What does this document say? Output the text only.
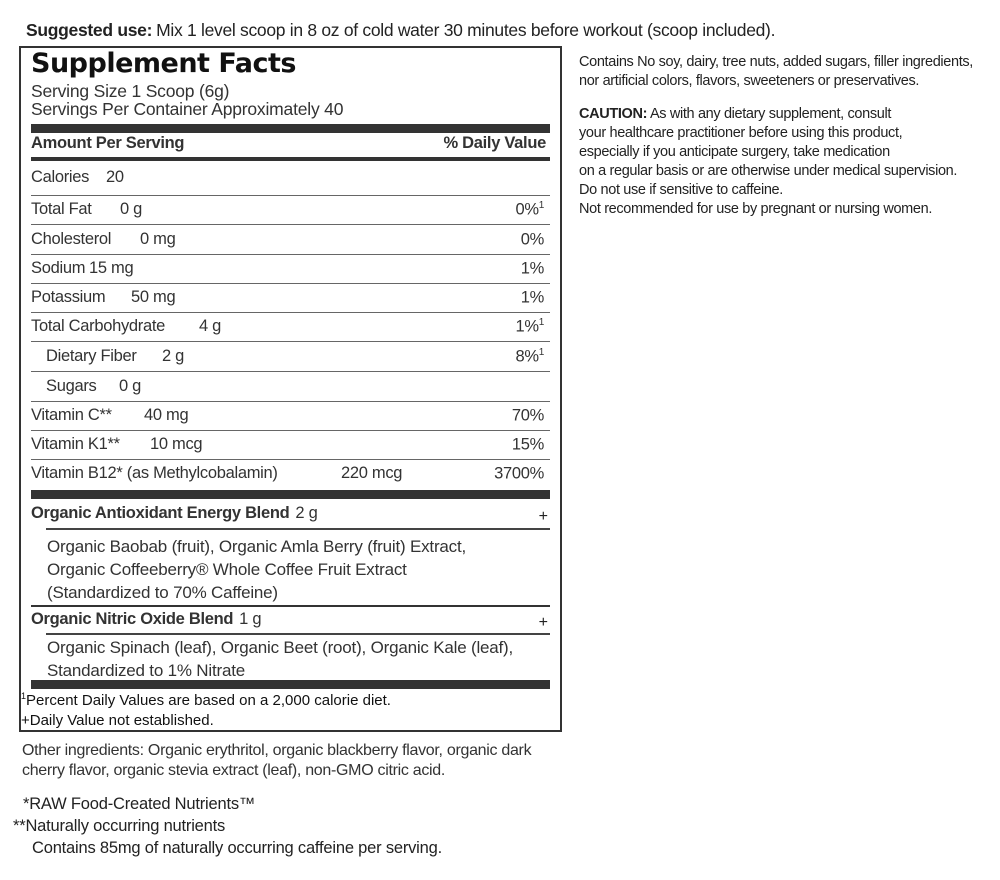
Suggested use: Mix 1 level scoop in 8 oz of cold water 30 minutes before workout (scoop included).
Supplement Facts
Serving Size 1 Scoop (6g)
Servings Per Container Approximately 40
Amount Per Serving	% Daily Value
Calories 20
Total Fat 0 g	0%$^1$
Cholesterol 0 mg	0%
Sodium 15 mg	1%
Potassium 50 mg	1%
Total Carbohydrate 4 g	1%$^1$
Dietary Fiber 2 g	8%$^1$
Sugars 0 g
Vitamin C** 40 mg	70%
Vitamin K1** 10 mcg	15%
Vitamin B12* (as Methylcobalamin)	220 mcg	3700%
Organic Antioxidant Energy Blend 2 g	+
Organic Baobab (fruit), Organic Amla Berry (fruit) Extract,
Organic Coffeeberry® Whole Coffee Fruit Extract
(Standardized to 70% Caffeine)
Organic Nitric Oxide Blend 1 g	+
Organic Spinach (leaf), Organic Beet (root), Organic Kale (leaf),
Standardized to 1% Nitrate
$^1$Percent Daily Values are based on a 2,000 calorie diet.
+Daily Value not established.
Other ingredients: Organic erythritol, organic blackberry flavor, organic dark cherry flavor, organic stevia extract (leaf), non-GMO citric acid.
*RAW Food-Created Nutrients™
**Naturally occurring nutrients
Contains 85mg of naturally occurring caffeine per serving.

Contains No soy, dairy, tree nuts, added sugars, filler ingredients, nor artificial colors, flavors, sweeteners or preservatives.

CAUTION: As with any dietary supplement, consult
your healthcare practitioner before using this product,
especially if you anticipate surgery, take medication
on a regular basis or are otherwise under medical supervision.

Do not use if sensitive to caffeine.

Not recommended for use by pregnant or nursing women.
